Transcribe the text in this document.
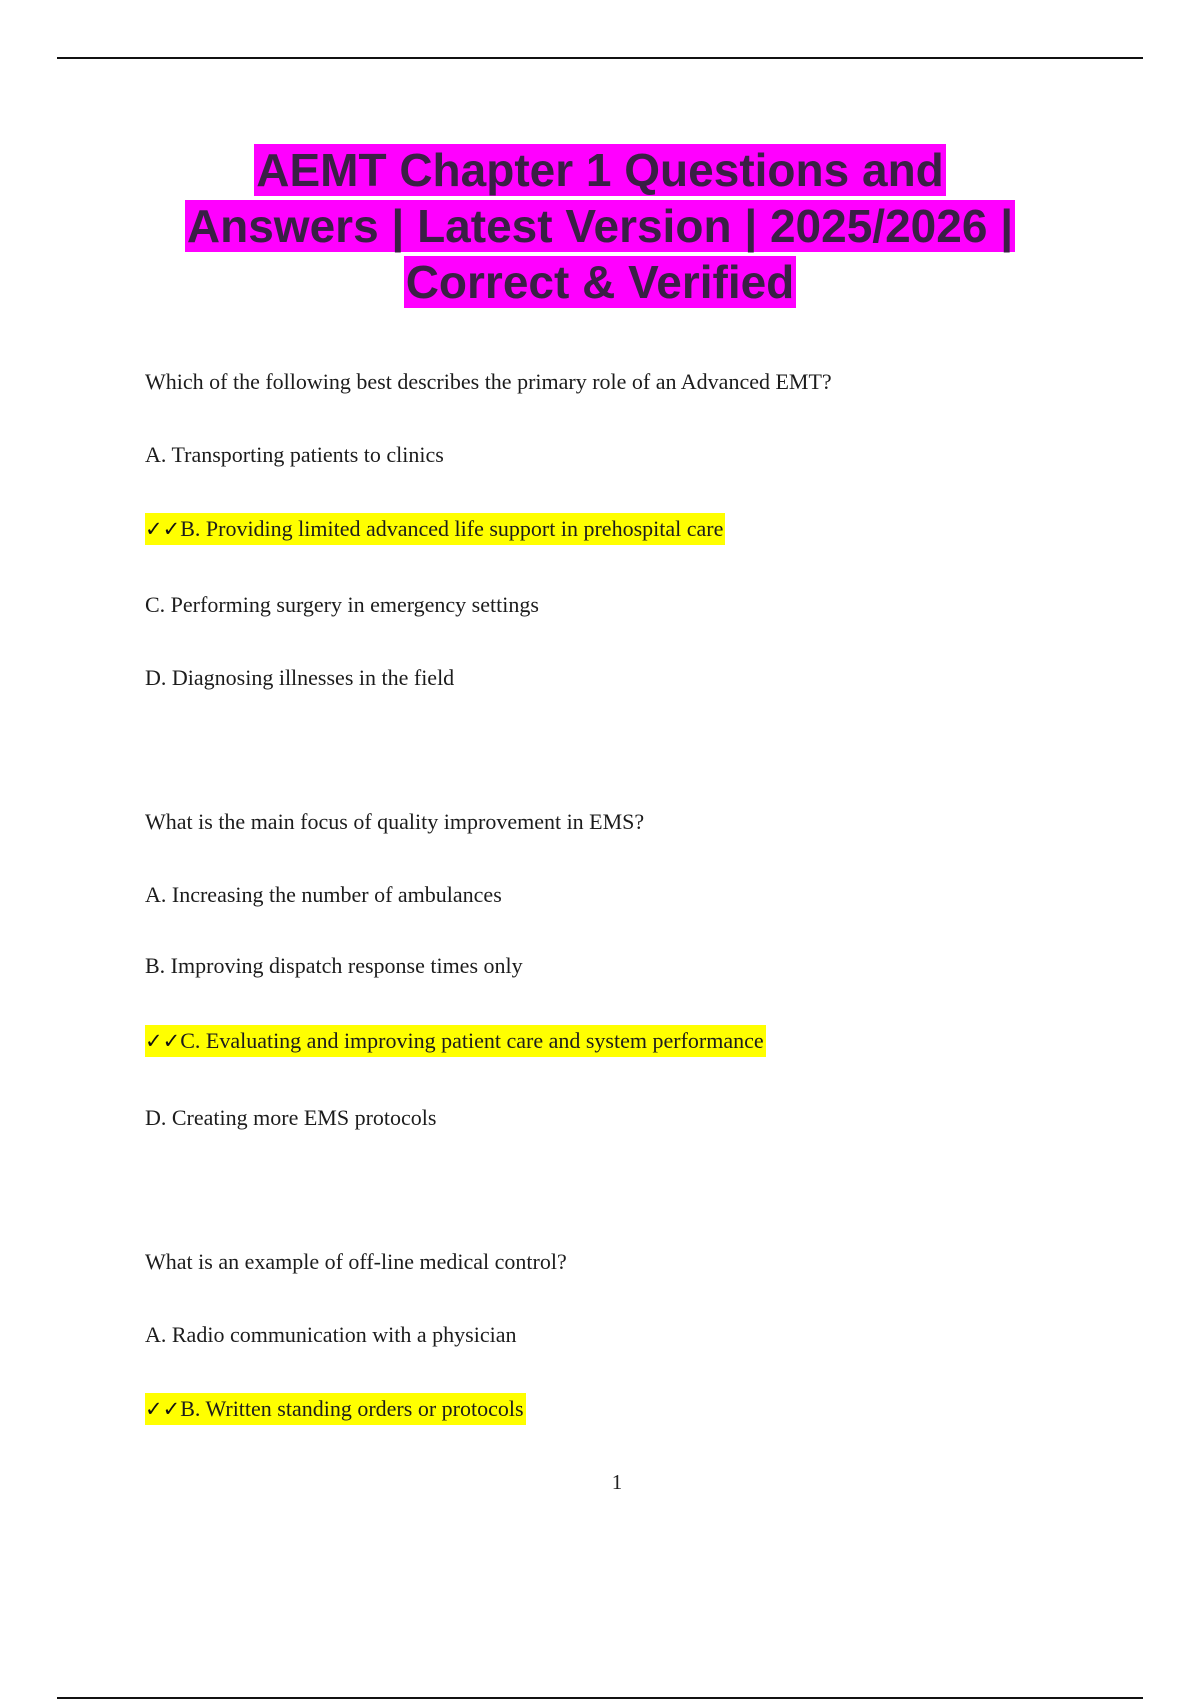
AEMT Chapter 1 Questions and
Answers | Latest Version | 2025/2026 |
Correct & Verified
Which of the following best describes the primary role of an Advanced EMT?
A. Transporting patients to clinics
✓✓B. Providing limited advanced life support in prehospital care
C. Performing surgery in emergency settings
D. Diagnosing illnesses in the field
What is the main focus of quality improvement in EMS?
A. Increasing the number of ambulances
B. Improving dispatch response times only
✓✓C. Evaluating and improving patient care and system performance
D. Creating more EMS protocols
What is an example of off-line medical control?
A. Radio communication with a physician
✓✓B. Written standing orders or protocols
1
